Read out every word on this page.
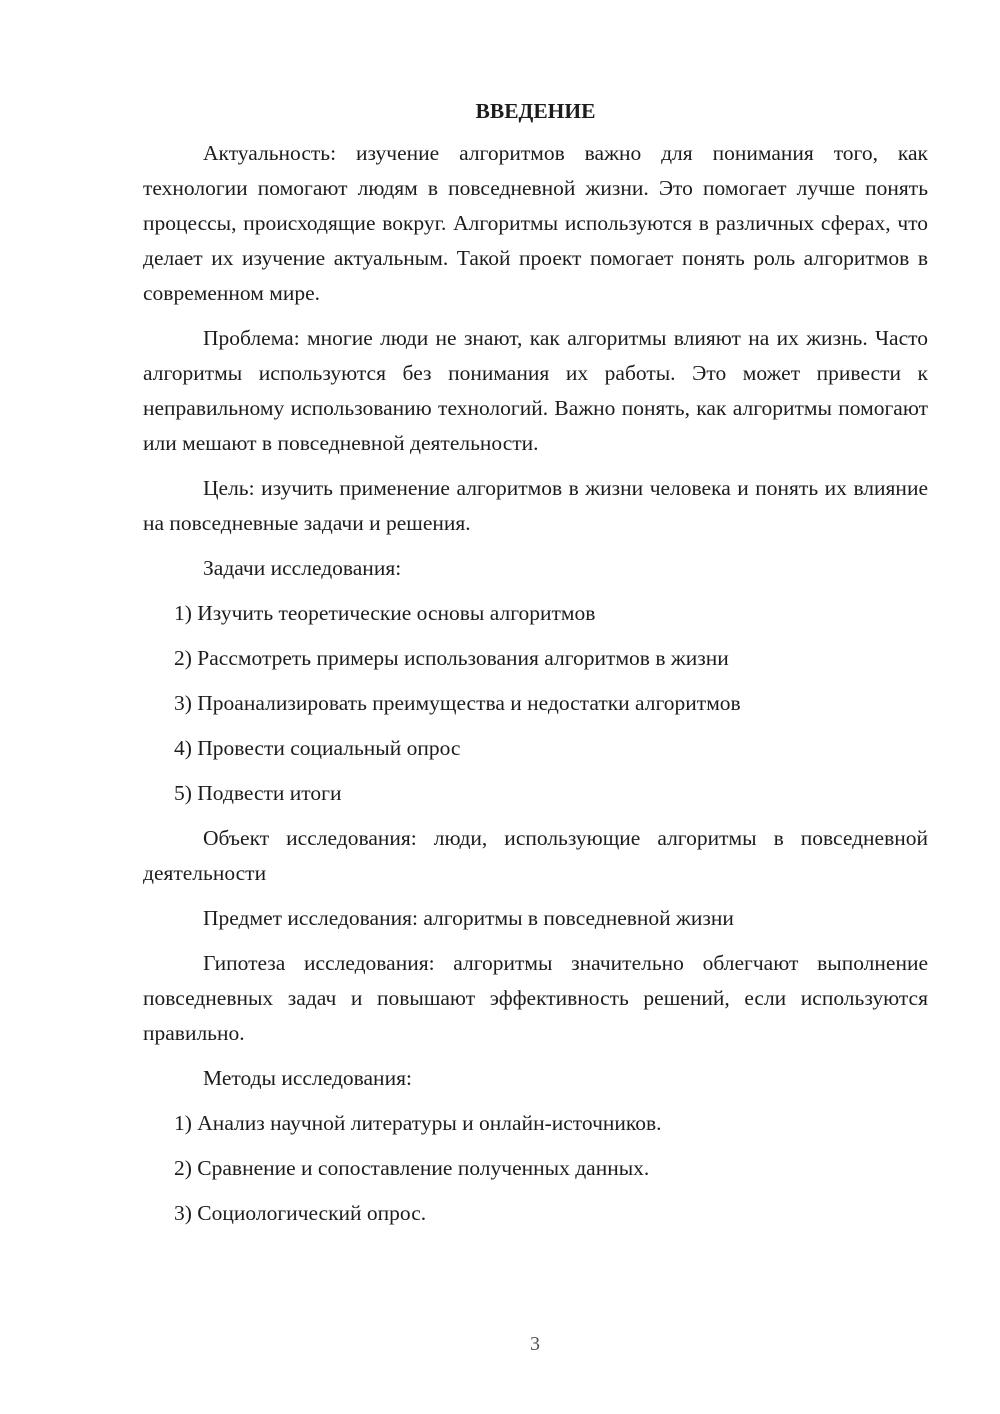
ВВЕДЕНИЕ

Актуальность: изучение алгоритмов важно для понимания того, как технологии помогают людям в повседневной жизни. Это помогает лучше понять процессы, происходящие вокруг. Алгоритмы используются в различных сферах, что делает их изучение актуальным. Такой проект помогает понять роль алгоритмов в современном мире.

Проблема: многие люди не знают, как алгоритмы влияют на их жизнь. Часто алгоритмы используются без понимания их работы. Это может привести к неправильному использованию технологий. Важно понять, как алгоритмы помогают или мешают в повседневной деятельности.

Цель: изучить применение алгоритмов в жизни человека и понять их влияние на повседневные задачи и решения.

Задачи исследования:

1) Изучить теоретические основы алгоритмов

2) Рассмотреть примеры использования алгоритмов в жизни

3) Проанализировать преимущества и недостатки алгоритмов

4) Провести социальный опрос

5) Подвести итоги

Объект исследования: люди, использующие алгоритмы в повседневной деятельности

Предмет исследования: алгоритмы в повседневной жизни

Гипотеза исследования: алгоритмы значительно облегчают выполнение повседневных задач и повышают эффективность решений, если используются правильно.

Методы исследования:

1) Анализ научной литературы и онлайн-источников.

2) Сравнение и сопоставление полученных данных.

3) Социологический опрос.

3
